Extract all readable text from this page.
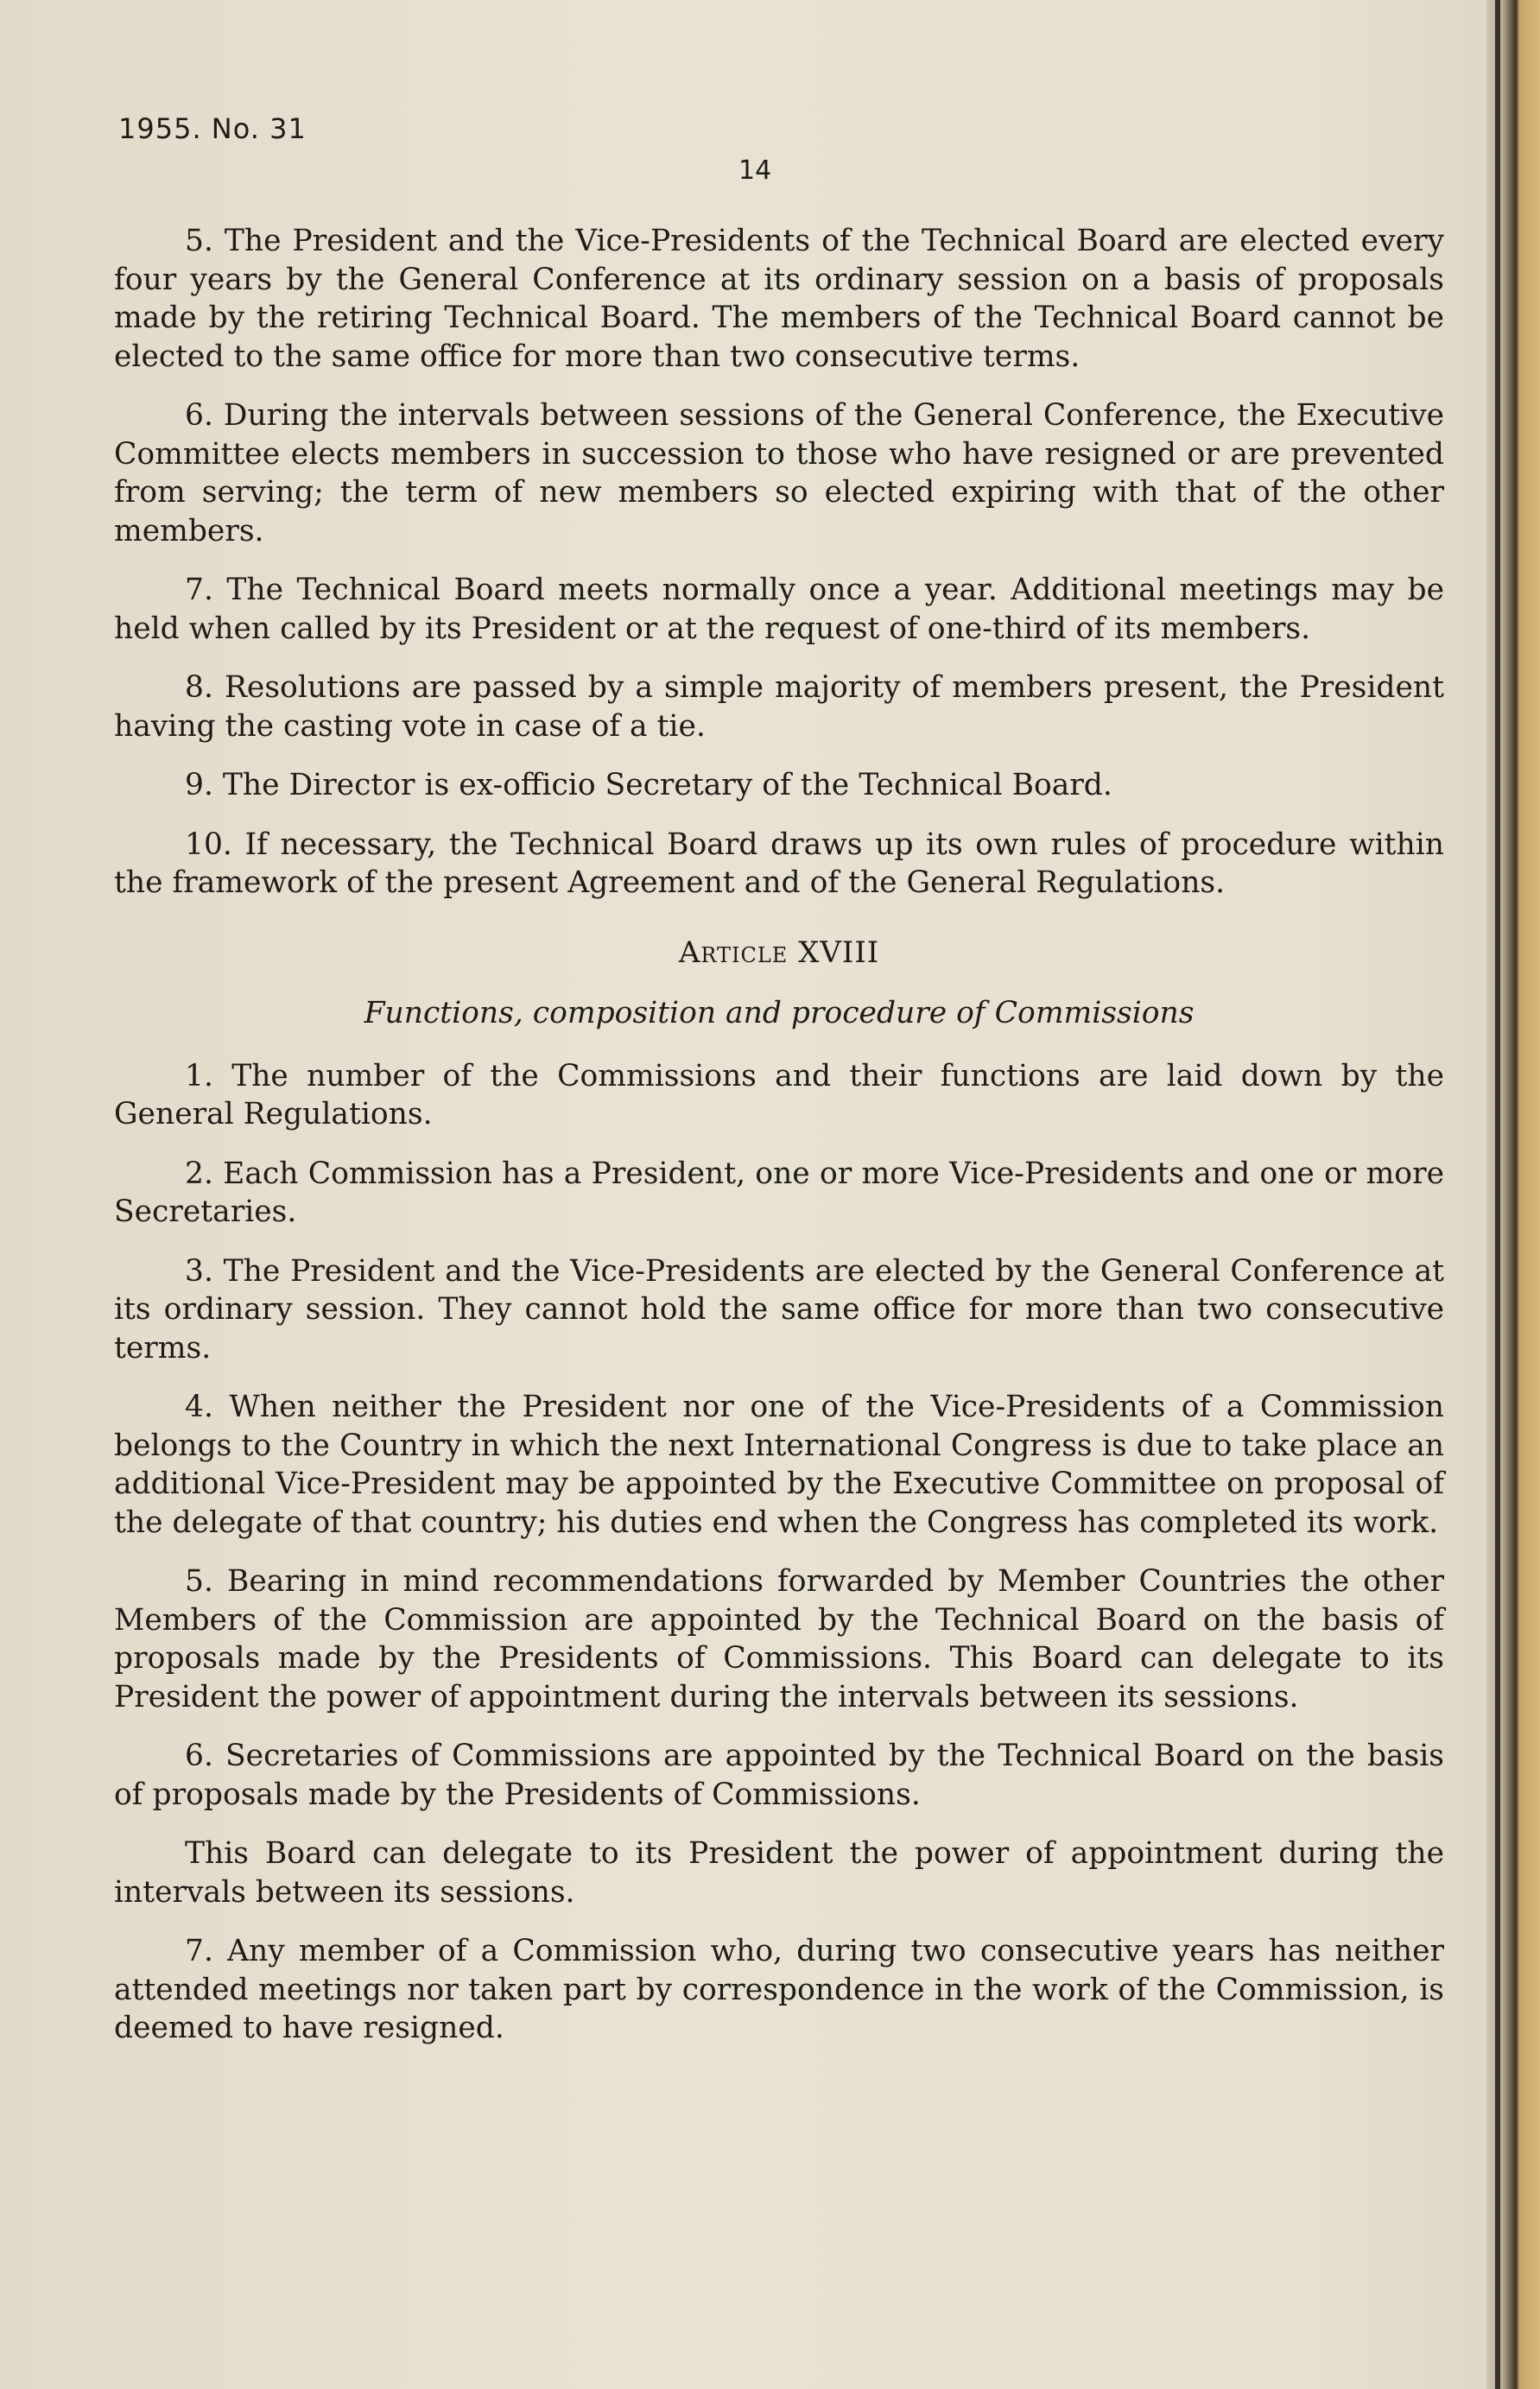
1955. No. 31
14

5. The President and the Vice-Presidents of the Technical Board are elected every four years by the General Conference at its ordinary session on a basis of proposals made by the retiring Technical Board. The members of the Technical Board cannot be elected to the same office for more than two consecutive terms.

6. During the intervals between sessions of the General Conference, the Executive Committee elects members in succession to those who have resigned or are prevented from serving; the term of new members so elected expiring with that of the other members.

7. The Technical Board meets normally once a year. Additional meetings may be held when called by its President or at the request of one-third of its members.

8. Resolutions are passed by a simple majority of members present, the President having the casting vote in case of a tie.

9. The Director is ex-officio Secretary of the Technical Board.

10. If necessary, the Technical Board draws up its own rules of procedure within the framework of the present Agreement and of the General Regulations.

Article XVIII
Functions, composition and procedure of Commissions

1. The number of the Commissions and their functions are laid down by the General Regulations.

2. Each Commission has a President, one or more Vice-Presidents and one or more Secretaries.

3. The President and the Vice-Presidents are elected by the General Conference at its ordinary session. They cannot hold the same office for more than two consecutive terms.

4. When neither the President nor one of the Vice-Presidents of a Commission belongs to the Country in which the next International Congress is due to take place an additional Vice-President may be appointed by the Executive Committee on proposal of the delegate of that country; his duties end when the Congress has completed its work.

5. Bearing in mind recommendations forwarded by Member Countries the other Members of the Commission are appointed by the Technical Board on the basis of proposals made by the Presidents of Commissions. This Board can delegate to its President the power of appointment during the intervals between its sessions.

6. Secretaries of Commissions are appointed by the Technical Board on the basis of proposals made by the Presidents of Commissions.

This Board can delegate to its President the power of appointment during the intervals between its sessions.

7. Any member of a Commission who, during two consecutive years has neither attended meetings nor taken part by correspondence in the work of the Commission, is deemed to have resigned.
